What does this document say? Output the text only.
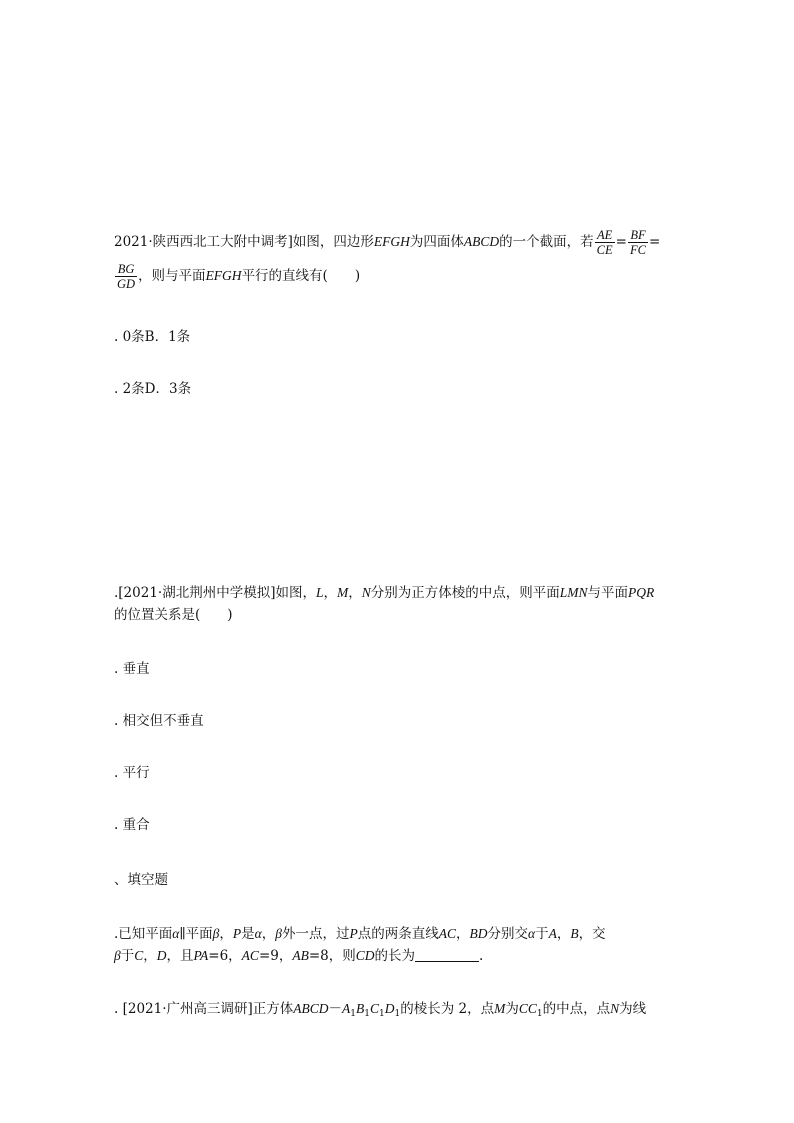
2021·陕西西北工大附中调考]如图，四边形EFGH为四面体ABCD的一个截面，若 $\frac{AE}{CE} = \frac{BF}{FC}$ =
$\frac{BG}{GD}$ ，则与平面EFGH平行的直线有(　　)
. 0条B．1条
. 2条D．3条
.[2021·湖北荆州中学模拟]如图，L，M，N分别为正方体棱的中点，则平面LMN与平面PQR
的位置关系是(　　)
. 垂直
. 相交但不垂直
. 平行
. 重合
、填空题
.已知平面α∥平面β，P是α，β外一点，过P点的两条直线AC，BD分别交α于A，B，交
β于C，D，且PA=6，AC=9，AB=8，则CD的长为	.
. [2021·广州高三调研]正方体$ABCD-A_1B_1C_1D_1$的棱长为 2，点M为$CC_1$的中点，点N为线
